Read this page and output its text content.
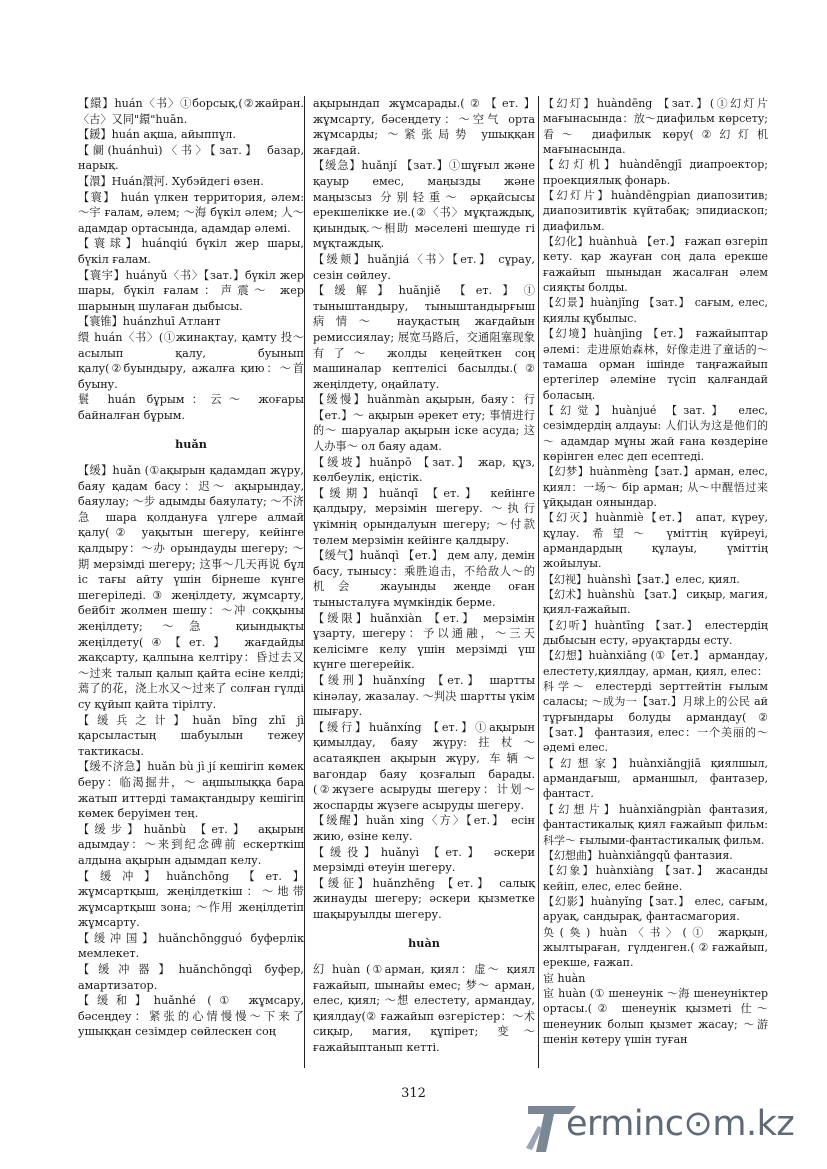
【繯】huán〈书〉①борсық,(②жайран. 〈古〉又同"鐶"huān.

【鍰】huán ақша, айыппұл.

【阛(huánhuì)〈书〉【зат.】 базар, нарық.

【澴】Huán澴河. Хубэйдегі өзен.

【寰】 huán үлкен территория, әлем: ～宇 ғалам, әлем; ～海 бүкіл әлем; 人～ адамдар ортасында, адамдар әлемі.

【寰球】huánqiú бүкіл жер шары, бүкіл ғалам.

【寰宇】huányǔ〈书〉【зат.】бүкіл жер шары, бүкіл ғалам：声震～ жер шарының шулаған дыбысы.

【寰锥】huánzhuī Атлант

缳 huán〈书〉(①жинақтау, қамту 投～ асылып қалу, буынып қалу(②буындыру, ажалға қию：～首 буыну.

鬟 huán бұрым：云～ жоғары байналған бұрым.

huǎn

【缓】huǎn (①ақырын қадамдап жүру, баяу қадам басу：迟～ ақырындау, баяулау; ～步 адымды баяулату; ～不济急 шара қолдануға үлгере алмай қалу(② уақытын шегеру, кейінге қалдыру：～办 орындауды шегеру; ～期 мерзімді шегеру; 这事～几天再说 бұл іс тағы айту үшін бірнеше күнге шегеріледі. ③ жеңілдету, жұмсарту, бейбіт жолмен шешу：～冲 соққыны жеңілдету; ～急 қиындықты жеңілдету(④【ет.】 жағдайды жақсарту, қалпына келтіру：昏过去又～过来 талып қалып қайта есіне келді; 蔫了的花，浇上水又～过来了 солған гүлді су құйып қайта тірілту.

【缓兵之计】huǎn bīng zhī jì қарсыластың шабуылын тежеу тактикасы.

【缓不济急】huǎn bù jì jí кешігіп көмек беру：临渴掘井，～ аңшылыққа бара жатып иттерді тамақтандыру кешігіп көмек беруімен тең.

【缓步】huǎnbù 【ет.】 ақырын адымдау：～来到纪念碑前 ескерткіш алдына ақырын адымдап келу.

【缓冲】huǎnchōng 【ет.】 жұмсартқыш, жеңілдеткіш：～地带 жұмсартқыш зона; ～作用 жеңілдетіп жұмсарту.

【缓冲国】huǎnchōngguó буферлік мемлекет.

【缓冲器】huǎnchōngqì буфер, амартизатор.

【缓和】huǎnhé (① жұмсару, бәсеңдеу：紧张的心情慢慢～下来了 ушыққан сезімдер сөйлескен соң

ақырындап жұмсарады.(②【ет.】 жұмсарту, бәсеңдету：～空气 орта жұмсарды; ～紧张局势 ушыққан жағдай.

【缓急】huǎnjí 【зат.】①шұғыл және қауыр емес, маңызды және маңызсыз 分别轻重～ әрқайсысы ерекшелікке ие.(②〈书〉мұқтаждық, қиындық.～相助 мәселені шешуде гі мұқтаждық.

【缓颊】huǎnjiá〈书〉【ет.】 сұрау, сезін сөйлеу.

【缓解】huǎnjiě 【ет.】① тыныштандыру, тыныштандырғыш 病情～ науқастың жағдайын ремиссиялау; 展宽马路后，交通阻塞现象有了～ жолды кеңейткен соң машиналар кептелісі басылды.(② жеңілдету, оңайлату.

【缓慢】huǎnmàn ақырын, баяу：行【ет.】～ ақырын әрекет ету; 事情进行的～ шаруалар ақырын іске асуда; 这人办事～ ол баяу адам.

【缓坡】huǎnpō 【зат.】 жар, құз, көлбеулік, еңістік.

【缓期】huǎnqī 【ет.】 кейінге қалдыру, мерзімін шегеру. ～执行 үкімнің орындалуын шегеру; ～付款 төлем мерзімін кейінге қалдыру.

【缓气】huǎnqì 【ет.】 дем алу, демін басу, тынысу：乘胜追击，不给敌人～的机会 жауынды жеңде оған тынысталуға мүмкіндік берме.

【缓限】huǎnxiàn 【ет.】 мерзімін ұзарту, шегеру：予以通融，～三天 келісімге келу үшін мерзімді үш күнге шегерейік.

【缓刑】huǎnxíng 【ет.】 шартты кінәлау, жазалау. ～判决 шартты үкім шығару.

【缓行】huǎnxíng 【ет.】①ақырын қимылдау, баяу жүру:拄杖～асатаяқпен ақырын жүру, 车辆～ вагондар баяу қозғалып барады.(②жүзеге асыруды шегеру：计划～ жоспарды жүзеге асыруды шегеру.

【缓醒】huǎn xing〈方〉【ет.】 есін жию, өзіне келу.

【缓役】huǎnyì 【ет.】 әскери мерзімді өтеуін шегеру.

【缓征】huǎnzhēng 【ет.】 салық жинауды шегеру; әскери қызметке шақыруылды шегеру.

huàn

幻 huàn (①арман, қиял：虚～ қиял ғажайып, шынайы емес; 梦～ арман, елес, қиял; ～想 елестету, армандау, қиялдау(② ғажайып өзгерістер：～术 сиқыр, магия, құпірет; 变～ ғажайыптанып кетті.

【幻灯】huàndēng 【зат.】(①幻灯片 мағынасында：放～диафильм көрсету; 看～ диафилык көру(②幻灯机 мағынасында.

【幻灯机】huàndēngjī диапроектор; проекциялық фонарь.

【幻灯片】huàndēngpian диапозитив; диапозитивтік күйтабақ; эпидиаскоп; диафильм.

【幻化】huànhuà 【ет.】 ғажап өзгеріп кету. қар жауған соң дала ерекше ғажайып шыныдан жасалған әлем сияқты болды.

【幻景】huànjǐng 【зат.】 сағым, елес, қиялы құбылыс.

【幻境】huànjìng 【ет.】 ғажайыптар әлемі：走进原始森林，好像走进了童话的～ тамаша орман ішінде таңғажайып ертегілер әлеміне түсіп қалғандай боласың.

【幻觉】huànjué 【зат.】 елес, сезімдердің алдауы: 人们认为这是他们的～ адамдар мұны жай ғана көздеріне көрінген елес деп есептеді.

【幻梦】huànmèng【зат.】арман, елес, қиял：一场～ бір арман; 从～中醒悟过来 ұйқыдан оянындар.

【幻灭】huànmiè【ет.】 апат, күреу, құлау. 希望～ үміттің күйреуі, армандардың құлауы, үміттің жойылуы.

【幻视】huànshì【зат.】елес, қиял.

【幻术】huànshù 【зат.】 сиқыр, магия, қиял-ғажайып.

【幻听】huàntīng 【зат.】 елестердің дыбысын есту, әруақтарды есту.

【幻想】huànxiǎng (①【ет.】 армандау, елестету,қиялдау, арман, қиял, елес：科学～ елестерді зерттейтін ғылым саласы; ～成为一【зат.】月球上的公民 ай тұрғындары болуды армандау(②【зат.】 фантазия, елес：一个美丽的～ әдемі елес.

【幻想家】huànxiǎngjiā қиялшыл, армандағыш, арманшыл, фантазер, фантаст.

【幻想片】huànxiǎngpiàn фантазия, фантастикалық қиял ғажайып фильм: 科学～ ғылыми-фантастикалық фильм.

【幻想曲】huànxiǎngqǔ фантазия.

【幻象】huànxiàng 【зат.】 жасанды кейіп, елес, елес бейне.

【幻影】huànyǐng【зат.】 елес, сағым, аруақ, сандырақ, фантасмагория.

奂(奐) huàn〈书〉(① жарқын, жылтыраған, гүлденген.(②ғажайып, ерекше, ғажап.

宦 huàn

宦 huàn (① шенеунік ～海 шенеуніктер ортасы.(② шенеунік қызметі 仕～ шенеуник болып қызмет жасау; ～游 шенін көтеру үшін туған

312
erminc⊙m.kz
